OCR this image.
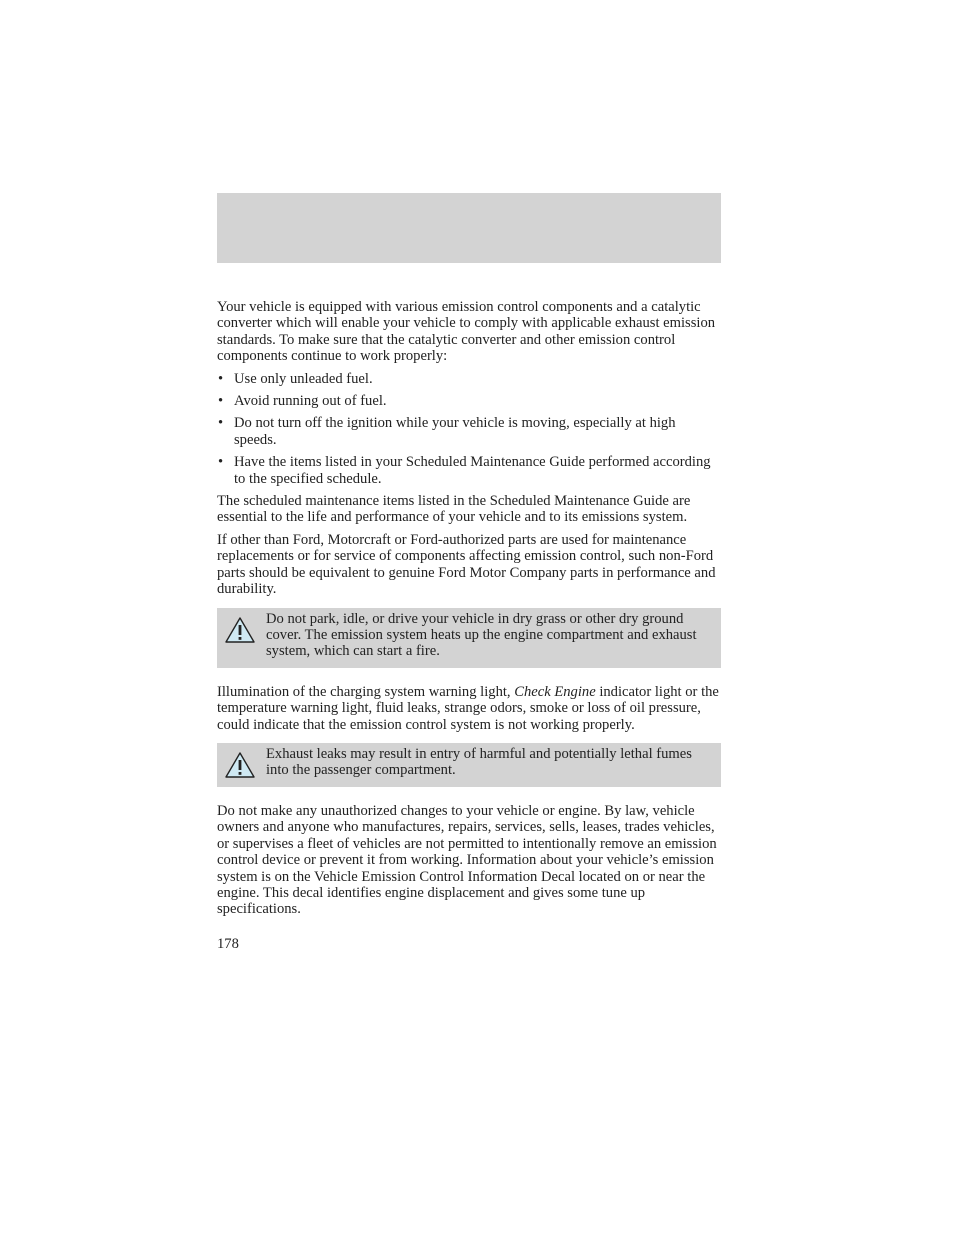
Your vehicle is equipped with various emission control components and a catalytic converter which will enable your vehicle to comply with applicable exhaust emission standards. To make sure that the catalytic converter and other emission control components continue to work properly:

• Use only unleaded fuel.
• Avoid running out of fuel.
• Do not turn off the ignition while your vehicle is moving, especially at high speeds.
• Have the items listed in your Scheduled Maintenance Guide performed according to the specified schedule.

The scheduled maintenance items listed in the Scheduled Maintenance Guide are essential to the life and performance of your vehicle and to its emissions system.

If other than Ford, Motorcraft or Ford-authorized parts are used for maintenance replacements or for service of components affecting emission control, such non-Ford parts should be equivalent to genuine Ford Motor Company parts in performance and durability.

Do not park, idle, or drive your vehicle in dry grass or other dry ground cover. The emission system heats up the engine compartment and exhaust system, which can start a fire.

Illumination of the charging system warning light, Check Engine indicator light or the temperature warning light, fluid leaks, strange odors, smoke or loss of oil pressure, could indicate that the emission control system is not working properly.

Exhaust leaks may result in entry of harmful and potentially lethal fumes into the passenger compartment.

Do not make any unauthorized changes to your vehicle or engine. By law, vehicle owners and anyone who manufactures, repairs, services, sells, leases, trades vehicles, or supervises a fleet of vehicles are not permitted to intentionally remove an emission control device or prevent it from working. Information about your vehicle’s emission system is on the Vehicle Emission Control Information Decal located on or near the engine. This decal identifies engine displacement and gives some tune up specifications.

178
